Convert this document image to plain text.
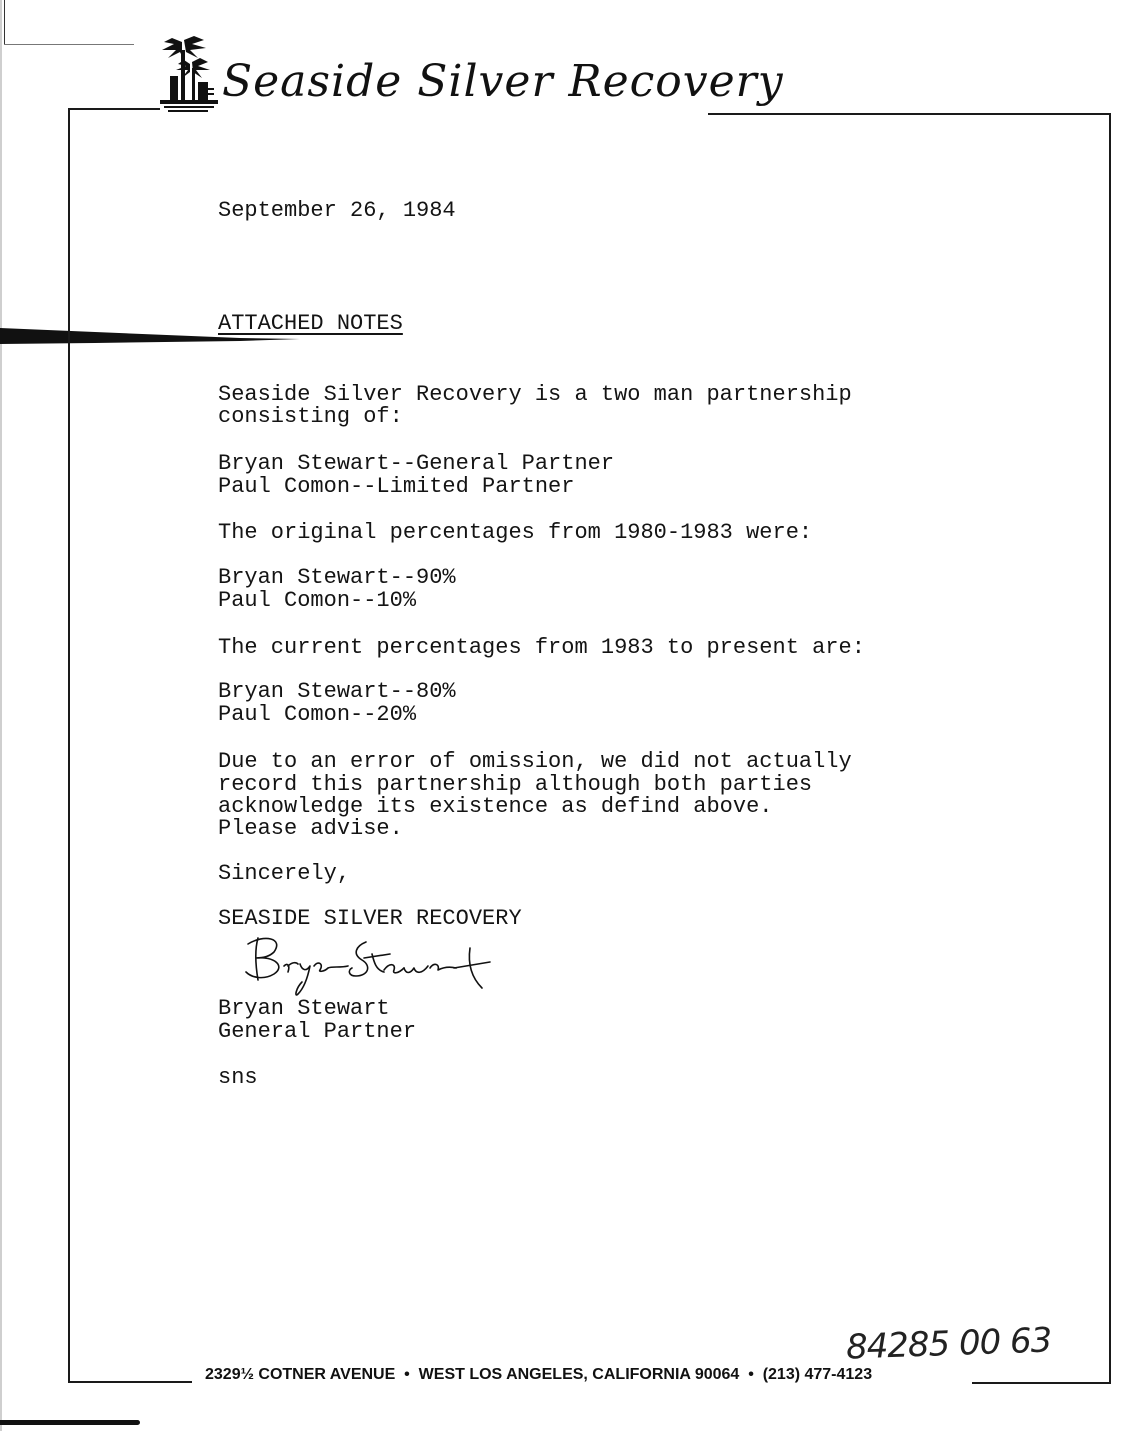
Seaside Silver Recovery
September 26, 1984
ATTACHED NOTES
Seaside Silver Recovery is a two man partnership
consisting of:
Bryan Stewart--General Partner
Paul Comon--Limited Partner
The original percentages from 1980-1983 were:
Bryan Stewart--90%
Paul Comon--10%
The current percentages from 1983 to present are:
Bryan Stewart--80%
Paul Comon--20%
Due to an error of omission, we did not actually
record this partnership although both parties
acknowledge its existence as defind above.
Please advise.
Sincerely,
SEASIDE SILVER RECOVERY
Bryan Stewart
General Partner
sns
84285 00 63
2329½ COTNER AVENUE  •  WEST LOS ANGELES, CALIFORNIA 90064  •  (213) 477-4123
